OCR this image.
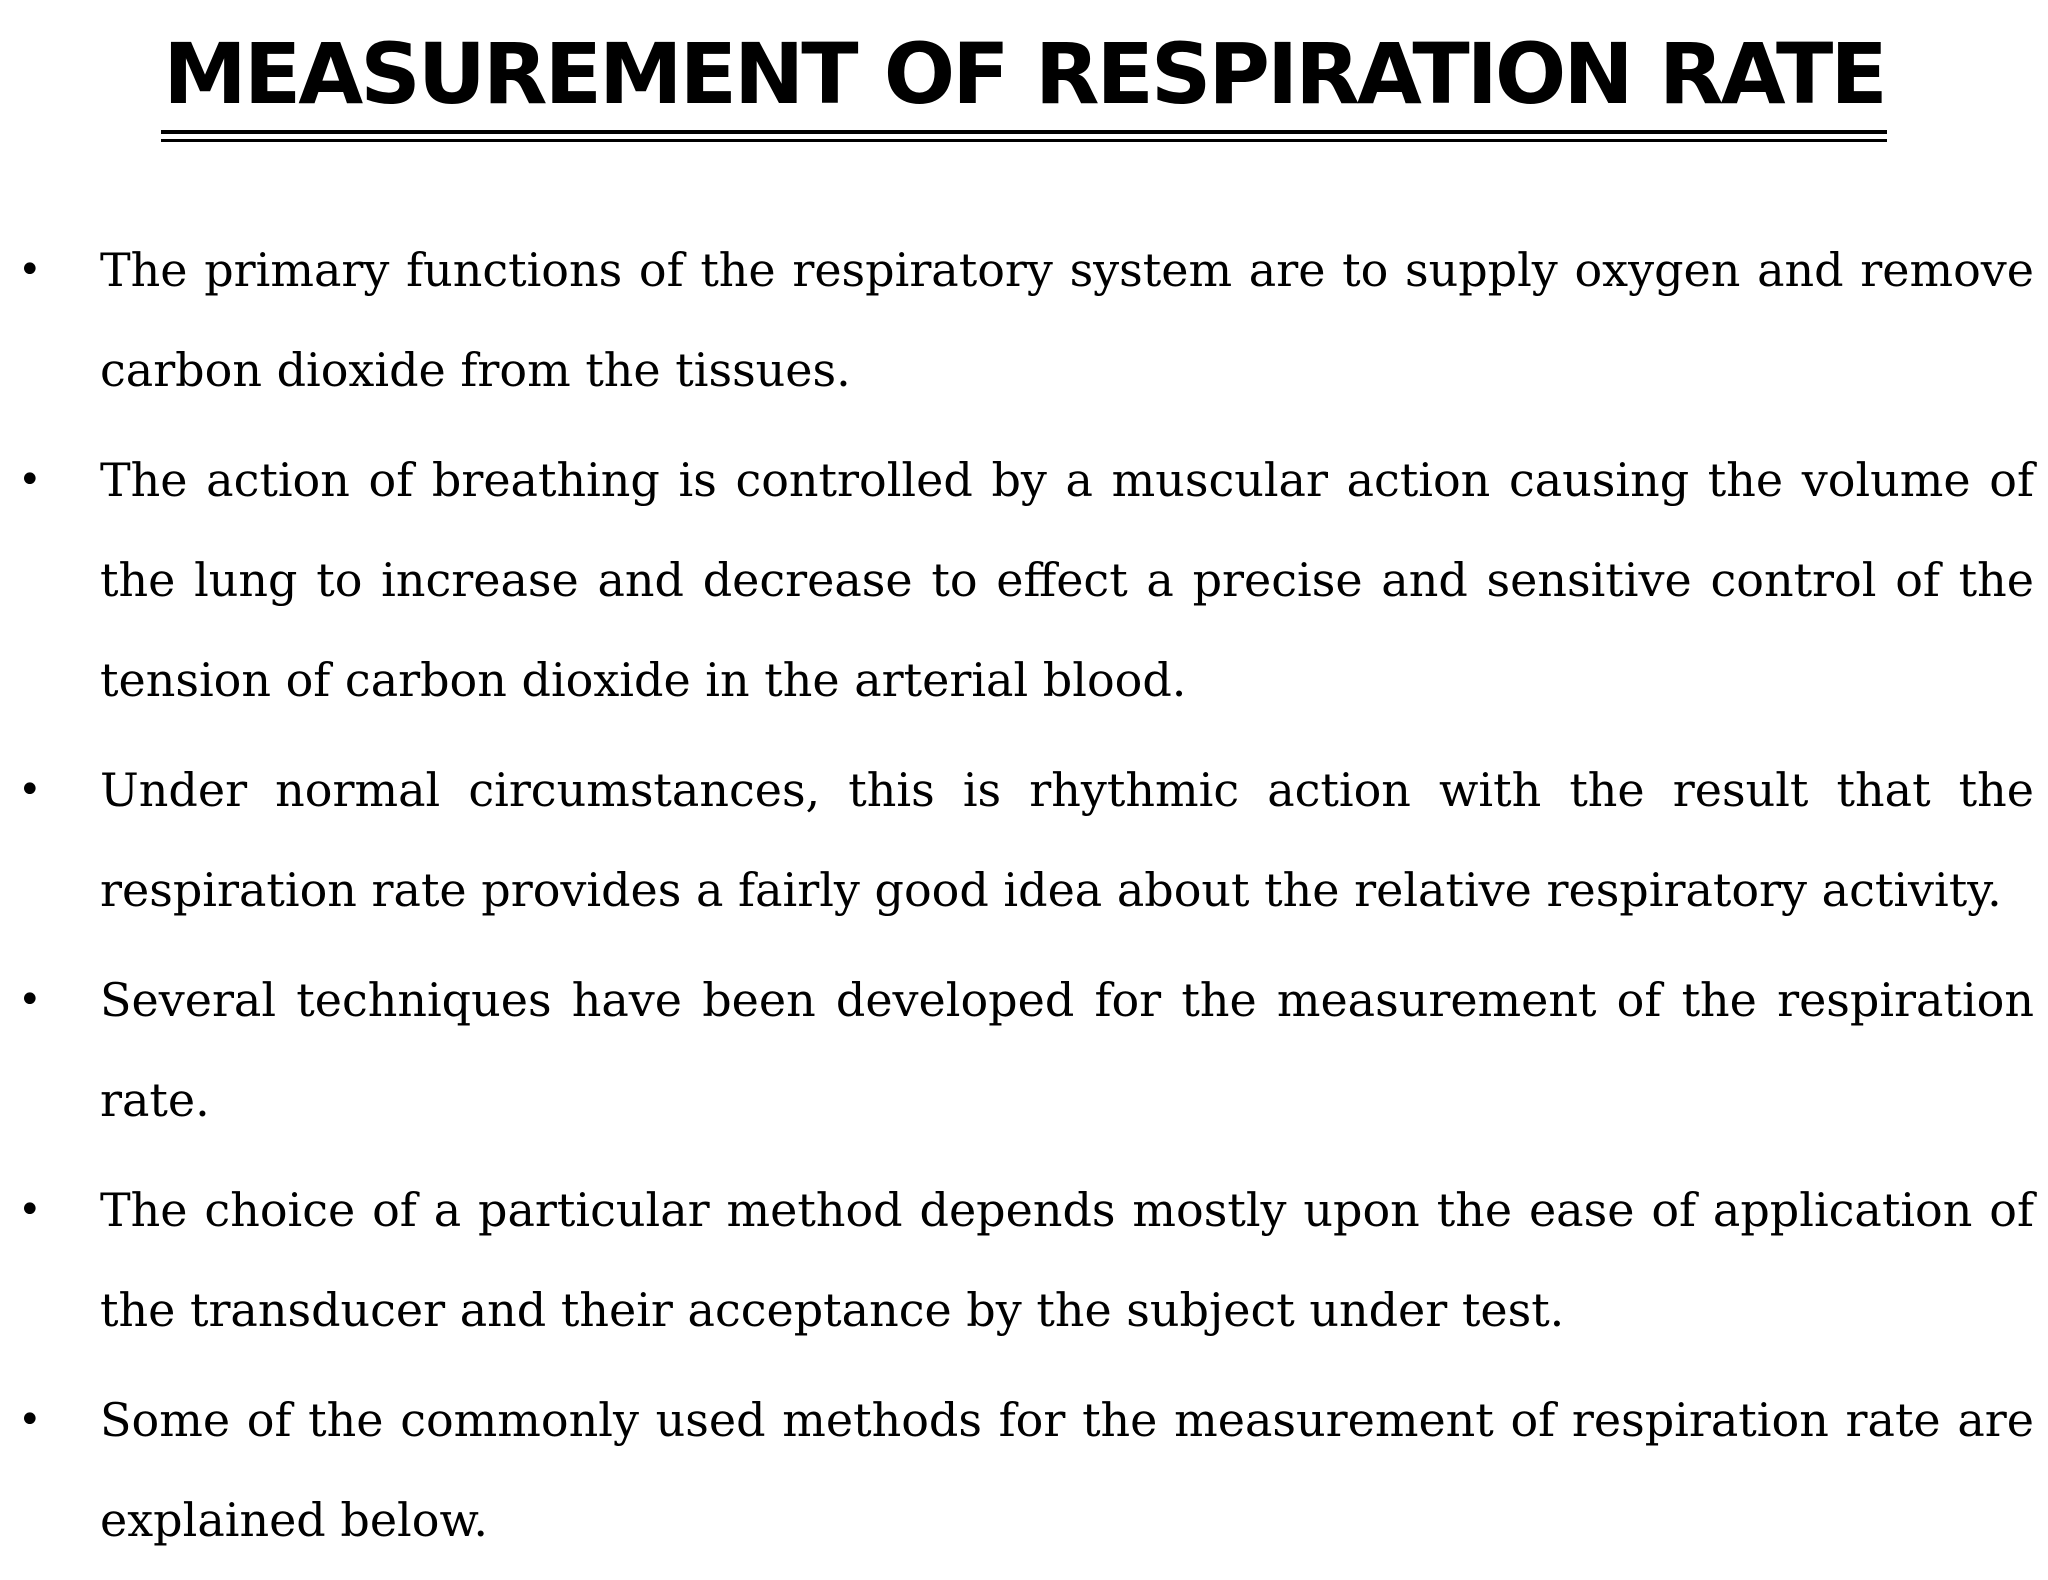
MEASUREMENT OF RESPIRATION RATE
• The primary functions of the respiratory system are to supply oxygen and remove carbon dioxide from the tissues.
• The action of breathing is controlled by a muscular action causing the volume of the lung to increase and decrease to effect a precise and sensitive control of the tension of carbon dioxide in the arterial blood.
• Under normal circumstances, this is rhythmic action with the result that the respiration rate provides a fairly good idea about the relative respiratory activity.
• Several techniques have been developed for the measurement of the respiration rate.
• The choice of a particular method depends mostly upon the ease of application of the transducer and their acceptance by the subject under test.
• Some of the commonly used methods for the measurement of respiration rate are explained below.
